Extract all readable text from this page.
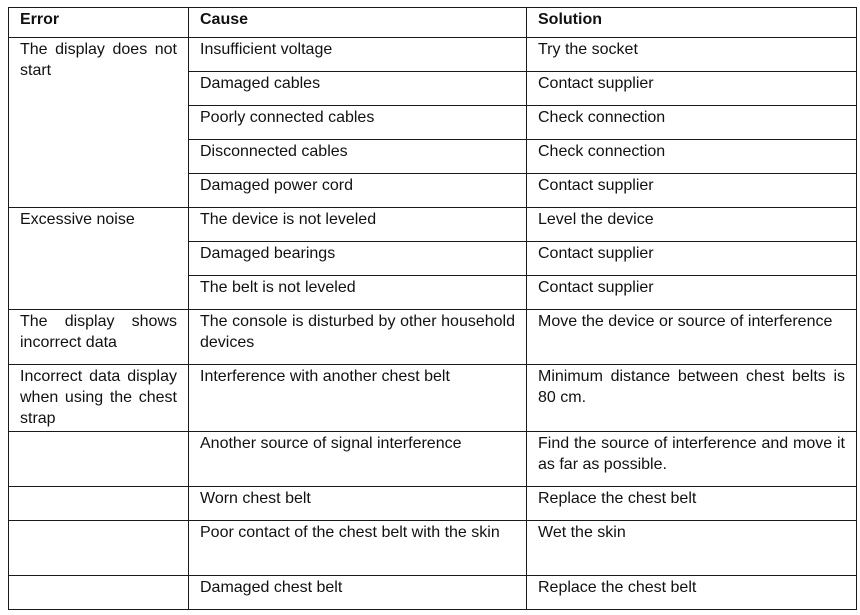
Error	Cause	Solution
The display does not start	Insufficient voltage	Try the socket
	Damaged cables	Contact supplier
	Poorly connected cables	Check connection
	Disconnected cables	Check connection
	Damaged power cord	Contact supplier
Excessive noise	The device is not leveled	Level the device
	Damaged bearings	Contact supplier
	The belt is not leveled	Contact supplier
The display shows incorrect data	The console is disturbed by other household devices	Move the device or source of interference
Incorrect data display when using the chest strap	Interference with another chest belt	Minimum distance between chest belts is 80 cm.
	Another source of signal interference	Find the source of interference and move it as far as possible.
	Worn chest belt	Replace the chest belt
	Poor contact of the chest belt with the skin	Wet the skin
	Damaged chest belt	Replace the chest belt
